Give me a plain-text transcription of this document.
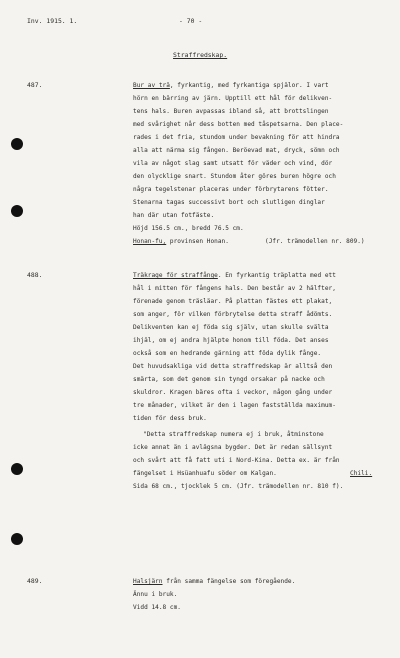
Inv. 1915. 1.	- 70 -
Straffredskap.
487.	Bur av trä, fyrkantig, med fyrkantiga spjälor. I vart
hörn en bärring av järn. Upptill ett hål för delikven-
tens hals. Buren avpassas ibland så, att brottslingen
med svårighet når dess botten med tåspetsarna. Den place-
rades i det fria, stundom under bevakning för att hindra
alla att närma sig fången. Beröevad mat, dryck, sömn och
vila av något slag samt utsatt för väder och vind, dör
den olycklige snart. Stundom åter göres buren högre och
några tegelstenar placeras under förbrytarens fötter.
Stenarna tagas successivt bort och slutligen dinglar
han där utan fotfäste.
Höjd 156.5 cm., bredd 76.5 cm.
Honan-fu, provinsen Honan.	(Jfr. trämodellen nr. 809.)
488.	Träkrage för straffånge. En fyrkantig träplatta med ett
hål i mitten för fångens hals. Den består av 2 hälfter,
förenade genom träsläar. På plattan fästes ett plakat,
som anger, för vilken förbrytelse detta straff ådömts.
Delikventen kan ej föda sig själv, utan skulle svälta
ihjäl, om ej andra hjälpte honom till föda. Det anses
också som en hedrande gärning att föda dylik fånge.
Det huvudsakliga vid detta straffredskap är alltså den
smärta, som det genom sin tyngd orsakar på nacke och
skuldror. Kragen bäres ofta i veckor, någon gång under
tre månader, vilket är den i lagen fastställda maximum-
tiden för dess bruk.
"Detta straffredskap numera ej i bruk, åtminstone
icke annat än i avlägsna bygder. Det är redan sällsynt
och svårt att få fatt uti i Nord-Kina. Detta ex. är från
fängelset i Hsüanhuafu söder om Kalgan.	Chili.
Sida 68 cm., tjocklek 5 cm. (Jfr. trämodellen nr. 810 f).
489.	Halsjärn från samma fängelse som föregående.
Ännu i bruk.
Vidd 14.8 cm.
